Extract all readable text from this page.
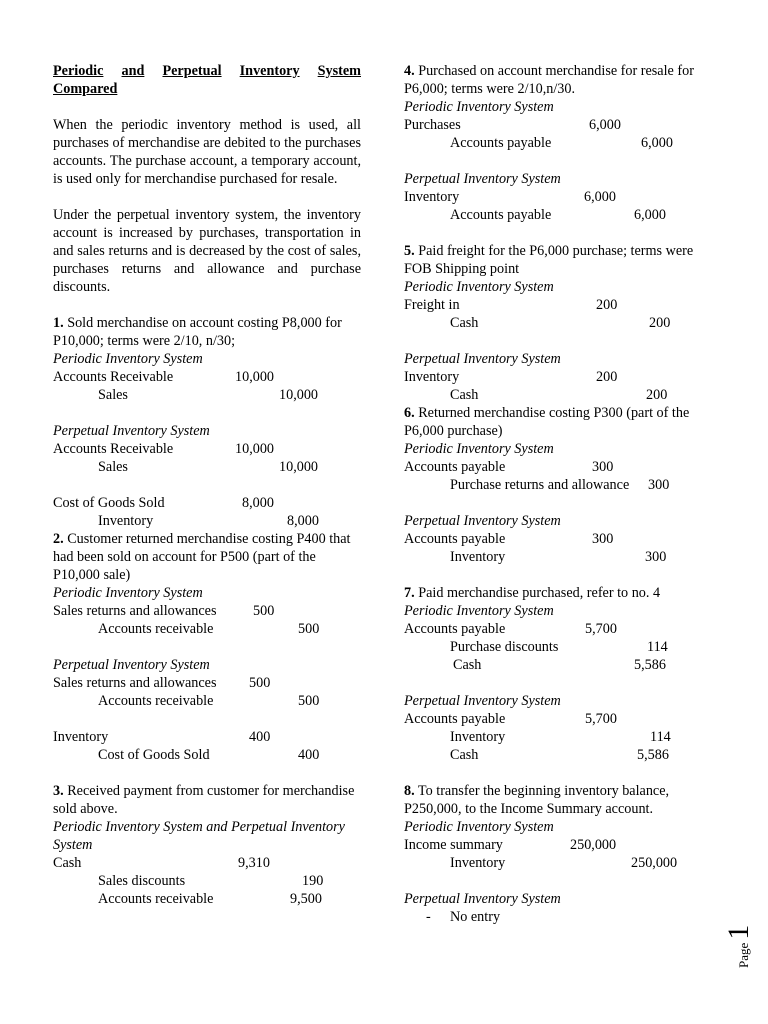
Periodic and Perpetual Inventory System
Compared
When the periodic inventory method is used, all purchases of merchandise are debited to the purchases accounts. The purchase account, a temporary account, is used only for merchandise purchased for resale.
Under the perpetual inventory system, the inventory account is increased by purchases, transportation in and sales returns and is decreased by the cost of sales, purchases returns and allowance and purchase discounts.
1. Sold merchandise on account costing P8,000 for P10,000; terms were 2/10, n/30;
Periodic Inventory System
Accounts Receivable	10,000
Sales	10,000
Perpetual Inventory System
Accounts Receivable	10,000
Sales	10,000
Cost of Goods Sold	8,000
Inventory	8,000
2. Customer returned merchandise costing P400 that had been sold on account for P500 (part of the P10,000 sale)
Periodic Inventory System
Sales returns and allowances	500
Accounts receivable	500
Perpetual Inventory System
Sales returns and allowances 500
Accounts receivable	500
Inventory	400
Cost of Goods Sold	400
3. Received payment from customer for merchandise sold above.
Periodic Inventory System and Perpetual Inventory System
Cash	9,310
Sales discounts	190
Accounts receivable	9,500
4. Purchased on account merchandise for resale for P6,000; terms were 2/10,n/30.
Periodic Inventory System
Purchases	6,000
Accounts payable	6,000
Perpetual Inventory System
Inventory	6,000
Accounts payable	6,000
5. Paid freight for the P6,000 purchase; terms were FOB Shipping point
Periodic Inventory System
Freight in	200
Cash	200
Perpetual Inventory System
Inventory	200
Cash	200
6. Returned merchandise costing P300 (part of the P6,000 purchase)
Periodic Inventory System
Accounts payable	300
Purchase returns and allowance 300
Perpetual Inventory System
Accounts payable	300
Inventory	300
7. Paid merchandise purchased, refer to no. 4
Periodic Inventory System
Accounts payable	5,700
Purchase discounts	114
Cash	5,586
Perpetual Inventory System
Accounts payable	5,700
Inventory	114
Cash	5,586
8. To transfer the beginning inventory balance, P250,000, to the Income Summary account.
Periodic Inventory System
Income summary	250,000
Inventory	250,000
Perpetual Inventory System
- No entry
Page
1
